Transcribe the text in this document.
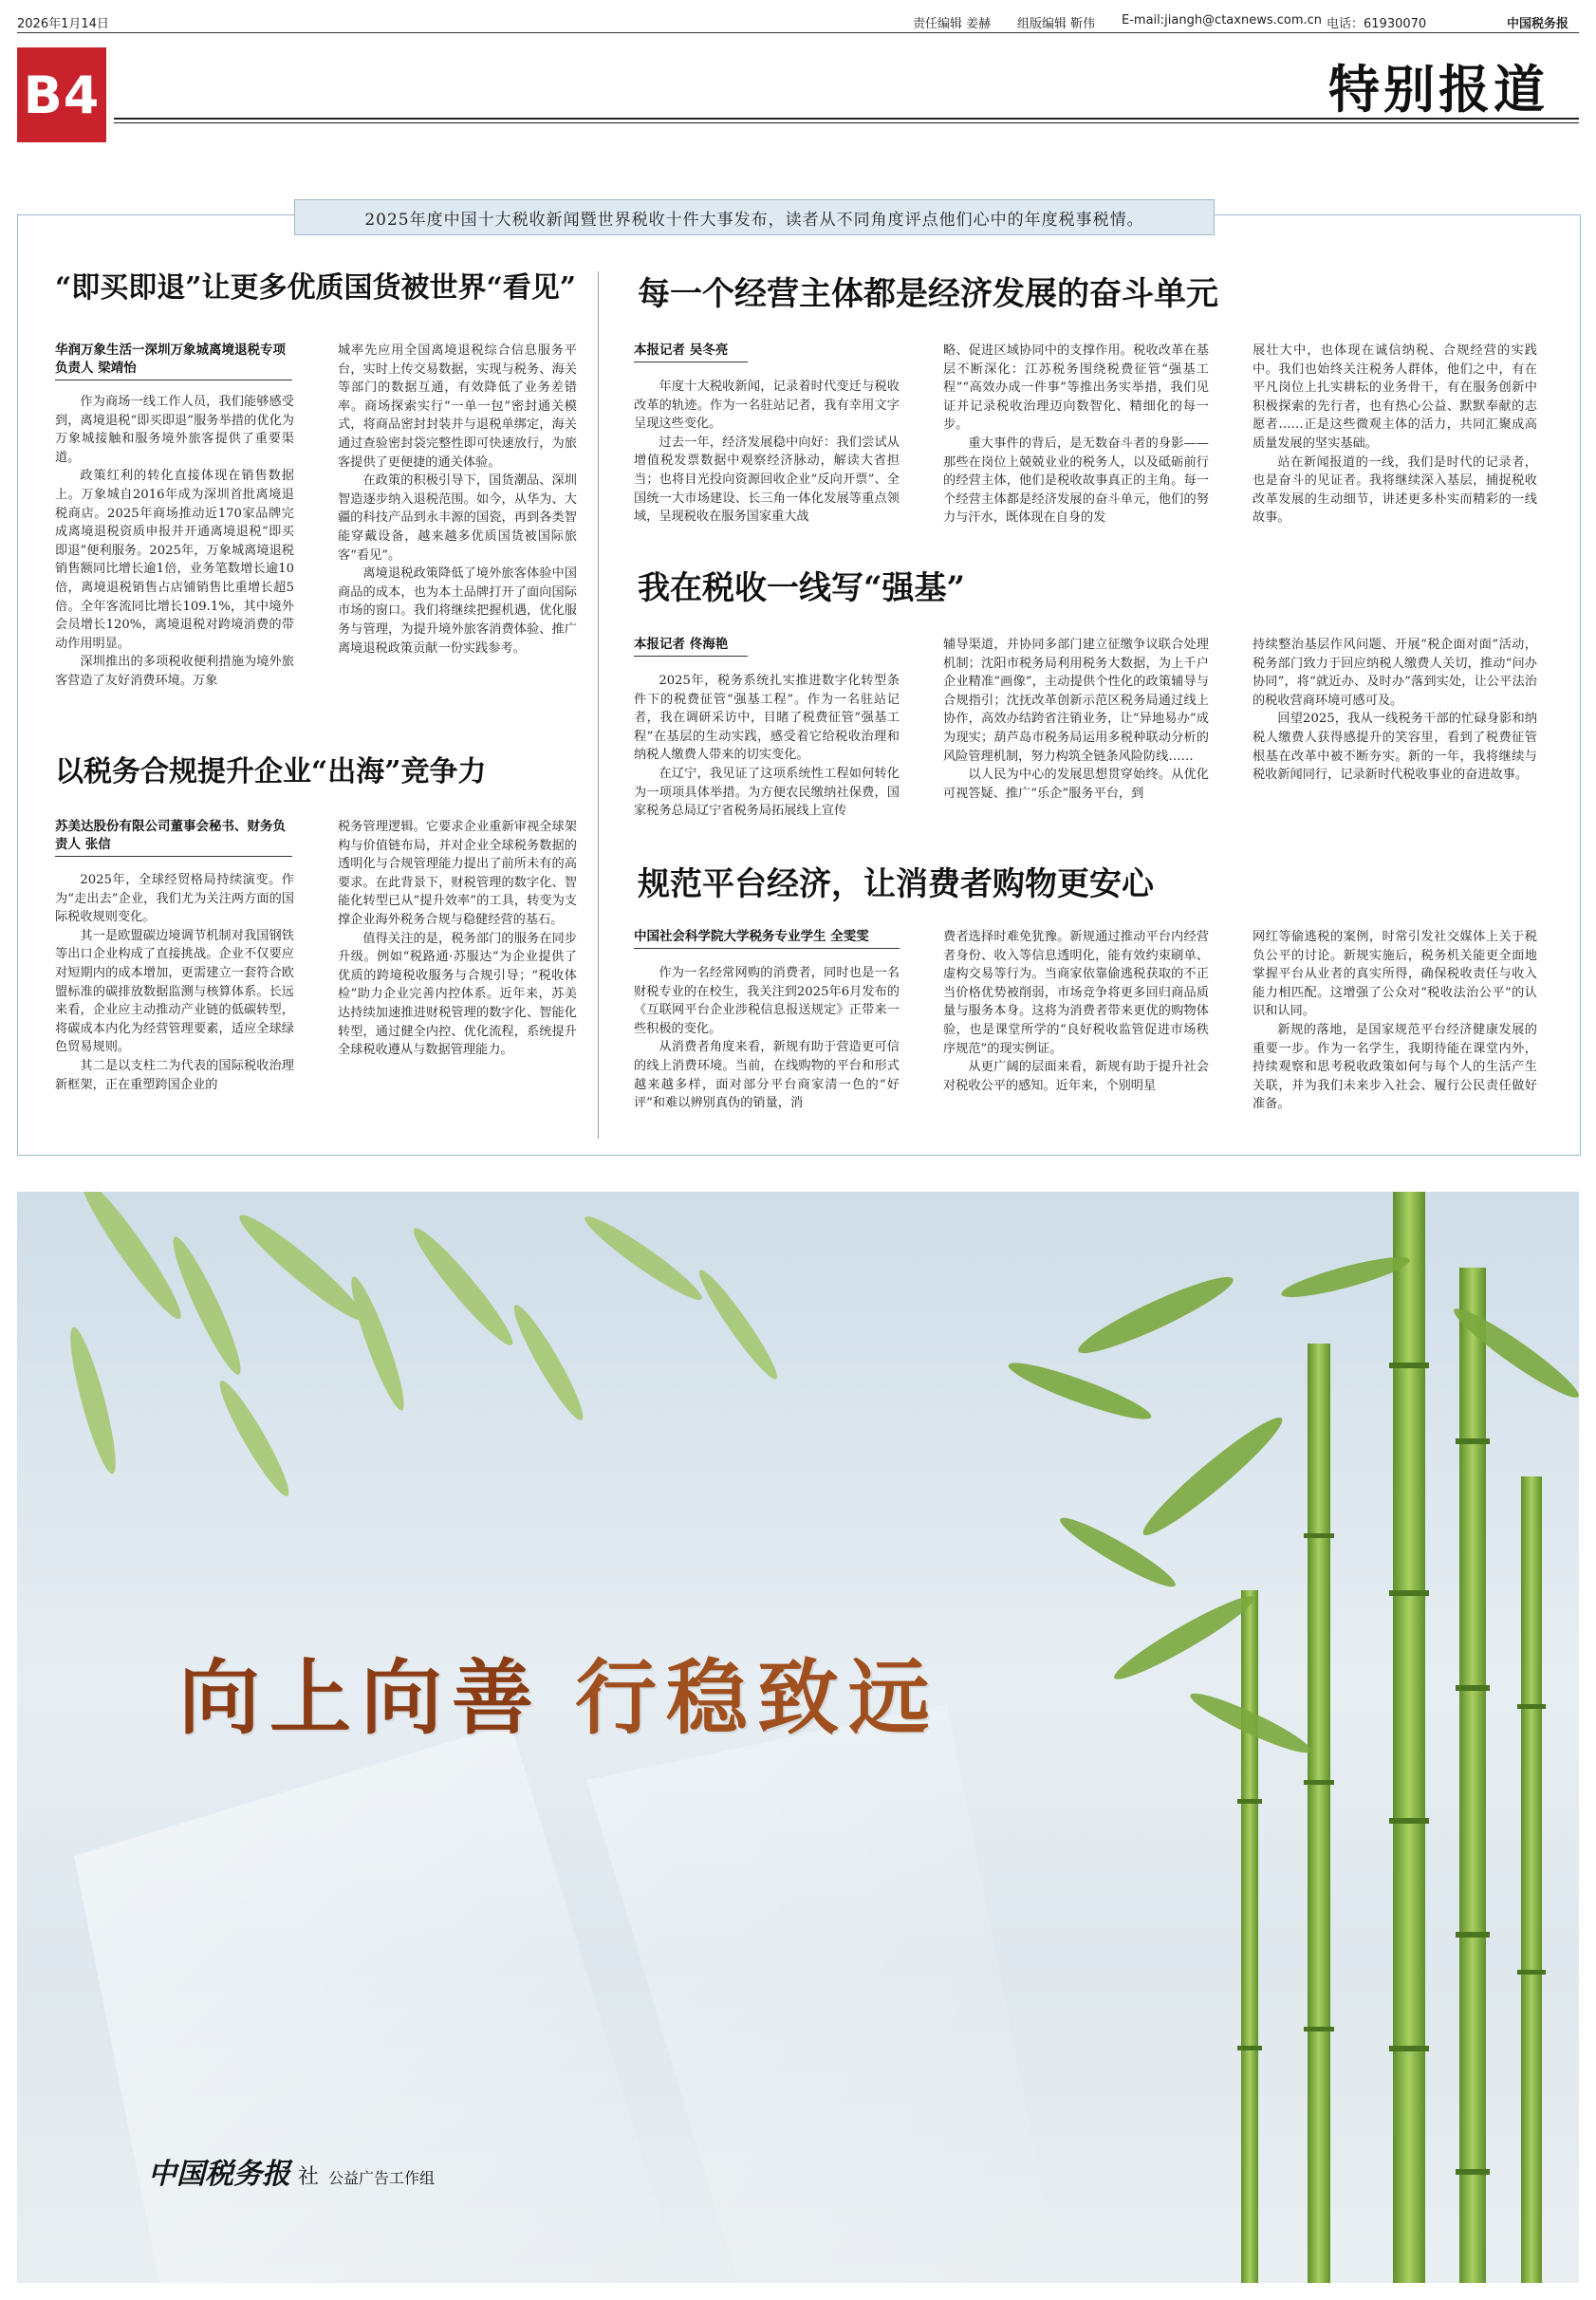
2026年1月14日	责任编辑 姜赫 组版编辑 靳伟 E-mail:jiangh@ctaxnews.com.cn 电话：61930070	中国税务报
B4	特别报道
2025年度中国十大税收新闻暨世界税收十件大事发布，读者从不同角度评点他们心中的年度税事税情。
“即买即退”让更多优质国货被世界“看见”
华润万象生活一深圳万象城离境退税专项负责人 梁靖怡

作为商场一线工作人员，我们能够感受到，离境退税“即买即退”服务举措的优化为万象城接触和服务境外旅客提供了重要渠道。

政策红利的转化直接体现在销售数据上。万象城自2016年成为深圳首批离境退税商店。2025年商场推动近170家品牌完成离境退税资质申报并开通离境退税“即买即退”便利服务。2025年，万象城离境退税销售额同比增长逾1倍，业务笔数增长逾10倍，离境退税销售占店铺销售比重增长超5倍。全年客流同比增长109.1%，其中境外会员增长120%，离境退税对跨境消费的带动作用明显。

深圳推出的多项税收便利措施为境外旅客营造了友好消费环境。万象

城率先应用全国离境退税综合信息服务平台，实时上传交易数据，实现与税务、海关等部门的数据互通，有效降低了业务差错率。商场探索实行“一单一包”密封通关模式，将商品密封封装并与退税单绑定，海关通过查验密封袋完整性即可快速放行，为旅客提供了更便捷的通关体验。

在政策的积极引导下，国货潮品、深圳智造逐步纳入退税范围。如今，从华为、大疆的科技产品到永丰源的国瓷，再到各类智能穿戴设备，越来越多优质国货被国际旅客“看见”。

离境退税政策降低了境外旅客体验中国商品的成本，也为本土品牌打开了面向国际市场的窗口。我们将继续把握机遇，优化服务与管理，为提升境外旅客消费体验、推广离境退税政策贡献一份实践参考。

以税务合规提升企业“出海”竞争力
苏美达股份有限公司董事会秘书、财务负责人 张信

2025年，全球经贸格局持续演变。作为“走出去”企业，我们尤为关注两方面的国际税收规则变化。

其一是欧盟碳边境调节机制对我国钢铁等出口企业构成了直接挑战。企业不仅要应对短期内的成本增加，更需建立一套符合欧盟标准的碳排放数据监测与核算体系。长远来看，企业应主动推动产业链的低碳转型，将碳成本内化为经营管理要素，适应全球绿色贸易规则。

其二是以支柱二为代表的国际税收治理新框架，正在重塑跨国企业的

税务管理逻辑。它要求企业重新审视全球架构与价值链布局，并对企业全球税务数据的透明化与合规管理能力提出了前所未有的高要求。在此背景下，财税管理的数字化、智能化转型已从“提升效率”的工具，转变为支撑企业海外税务合规与稳健经营的基石。

值得关注的是，税务部门的服务在同步升级。例如“税路通·苏服达”为企业提供了优质的跨境税收服务与合规引导；“税收体检”助力企业完善内控体系。近年来，苏美达持续加速推进财税管理的数字化、智能化转型，通过健全内控、优化流程，系统提升全球税收遵从与数据管理能力。

每一个经营主体都是经济发展的奋斗单元
本报记者 吴冬亮

年度十大税收新闻，记录着时代变迁与税收改革的轨迹。作为一名驻站记者，我有幸用文字呈现这些变化。

过去一年，经济发展稳中向好：我们尝试从增值税发票数据中观察经济脉动，解读大省担当；也将目光投向资源回收企业“反向开票”、全国统一大市场建设、长三角一体化发展等重点领域，呈现税收在服务国家重大战

略、促进区域协同中的支撑作用。税收改革在基层不断深化：江苏税务围绕税费征管“强基工程”“高效办成一件事”等推出务实举措，我们见证并记录税收治理迈向数智化、精细化的每一步。

重大事件的背后，是无数奋斗者的身影——那些在岗位上兢兢业业的税务人，以及砥砺前行的经营主体，他们是税收故事真正的主角。每一个经营主体都是经济发展的奋斗单元，他们的努力与汗水，既体现在自身的发

展壮大中，也体现在诚信纳税、合规经营的实践中。我们也始终关注税务人群体，他们之中，有在平凡岗位上扎实耕耘的业务骨干，有在服务创新中积极探索的先行者，也有热心公益、默默奉献的志愿者……正是这些微观主体的活力，共同汇聚成高质量发展的坚实基础。

站在新闻报道的一线，我们是时代的记录者，也是奋斗的见证者。我将继续深入基层，捕捉税收改革发展的生动细节，讲述更多朴实而精彩的一线故事。

我在税收一线写“强基”
本报记者 佟海艳

2025年，税务系统扎实推进数字化转型条件下的税费征管“强基工程”。作为一名驻站记者，我在调研采访中，目睹了税费征管“强基工程”在基层的生动实践，感受着它给税收治理和纳税人缴费人带来的切实变化。

在辽宁，我见证了这项系统性工程如何转化为一项项具体举措。为方便农民缴纳社保费，国家税务总局辽宁省税务局拓展线上宣传

辅导渠道，并协同多部门建立征缴争议联合处理机制；沈阳市税务局利用税务大数据，为上千户企业精准“画像”，主动提供个性化的政策辅导与合规指引；沈抚改革创新示范区税务局通过线上协作，高效办结跨省注销业务，让“异地易办”成为现实；葫芦岛市税务局运用多税种联动分析的风险管理机制，努力构筑全链条风险防线……

以人民为中心的发展思想贯穿始终。从优化可视答疑、推广“乐企”服务平台，到

持续整治基层作风问题、开展“税企面对面”活动，税务部门致力于回应纳税人缴费人关切，推动“问办协同”，将“就近办、及时办”落到实处，让公平法治的税收营商环境可感可及。

回望2025，我从一线税务干部的忙碌身影和纳税人缴费人获得感提升的笑容里，看到了税费征管根基在改革中被不断夯实。新的一年，我将继续与税收新闻同行，记录新时代税收事业的奋进故事。

规范平台经济，让消费者购物更安心
中国社会科学院大学税务专业学生 全雯雯

作为一名经常网购的消费者，同时也是一名财税专业的在校生，我关注到2025年6月发布的《互联网平台企业涉税信息报送规定》正带来一些积极的变化。

从消费者角度来看，新规有助于营造更可信的线上消费环境。当前，在线购物的平台和形式越来越多样，面对部分平台商家清一色的“好评”和难以辨别真伪的销量，消

费者选择时难免犹豫。新规通过推动平台内经营者身份、收入等信息透明化，能有效约束刷单、虚构交易等行为。当商家依靠偷逃税获取的不正当价格优势被削弱，市场竞争将更多回归商品质量与服务本身。这将为消费者带来更优的购物体验，也是课堂所学的“良好税收监管促进市场秩序规范”的现实例证。

从更广阔的层面来看，新规有助于提升社会对税收公平的感知。近年来，个别明星

网红等偷逃税的案例，时常引发社交媒体上关于税负公平的讨论。新规实施后，税务机关能更全面地掌握平台从业者的真实所得，确保税收责任与收入能力相匹配。这增强了公众对“税收法治公平”的认识和认同。

新规的落地，是国家规范平台经济健康发展的重要一步。作为一名学生，我期待能在课堂内外，持续观察和思考税收政策如何与每个人的生活产生关联，并为我们未来步入社会、履行公民责任做好准备。

向上向善 行稳致远
中国税务报 社 公益广告工作组
